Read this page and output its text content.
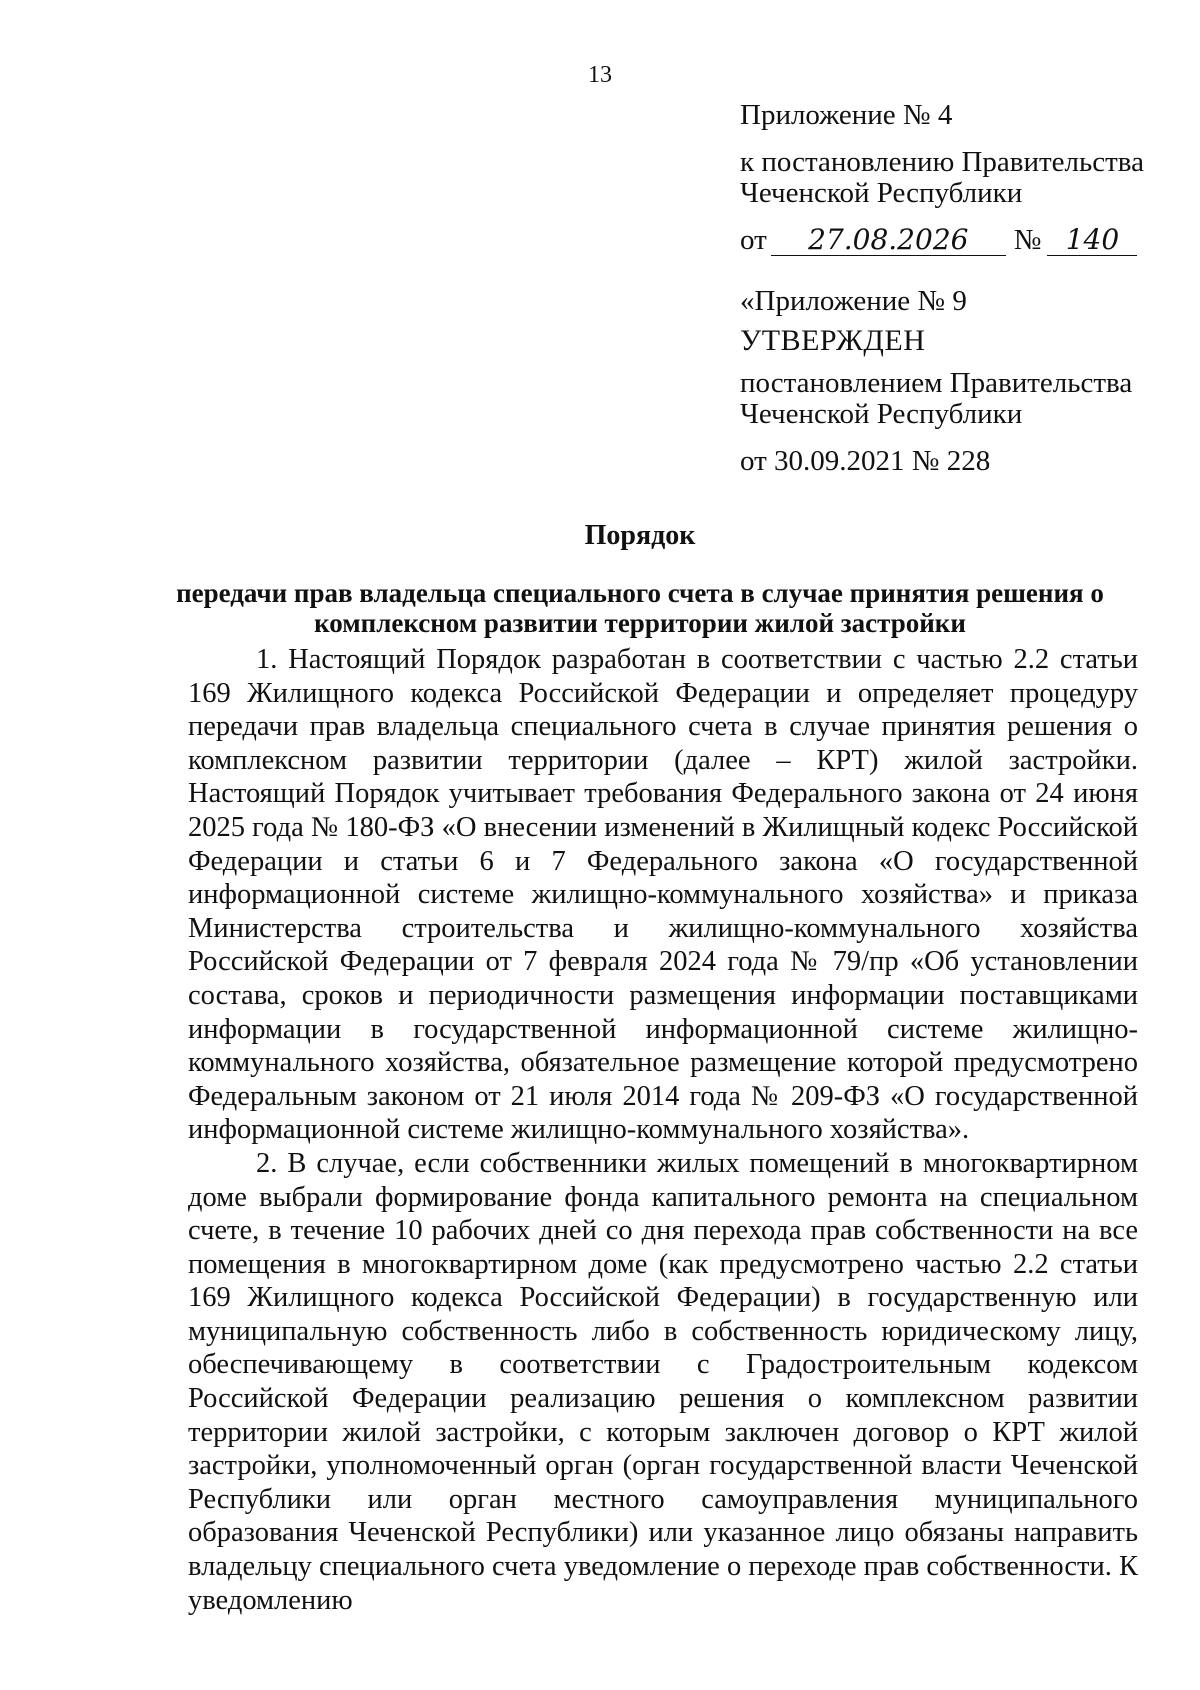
13
Приложение № 4
к постановлению Правительства
Чеченской Республики
от	27.08.2026	№ 140
«Приложение № 9
УТВЕРЖДЕН
постановлением Правительства
Чеченской Республики
от 30.09.2021 № 228
Порядок
передачи прав владельца специального счета в случае принятия решения о комплексном развитии территории жилой застройки

1. Настоящий Порядок разработан в соответствии с частью 2.2 статьи 169 Жилищного кодекса Российской Федерации и определяет процедуру передачи прав владельца специального счета в случае принятия решения о комплексном развитии территории (далее – КРТ) жилой застройки. Настоящий Порядок учитывает требования Федерального закона от 24 июня 2025 года № 180-ФЗ «О внесении изменений в Жилищный кодекс Российской Федерации и статьи 6 и 7 Федерального закона «О государственной информационной системе жилищно-коммунального хозяйства» и приказа Министерства строительства и жилищно-коммунального хозяйства Российской Федерации от 7 февраля 2024 года № 79/пр «Об установлении состава, сроков и периодичности размещения информации поставщиками информации в государственной информационной системе жилищно-коммунального хозяйства, обязательное размещение которой предусмотрено Федеральным законом от 21 июля 2014 года № 209-ФЗ «О государственной информационной системе жилищно-коммунального хозяйства».

2. В случае, если собственники жилых помещений в многоквартирном доме выбрали формирование фонда капитального ремонта на специальном счете, в течение 10 рабочих дней со дня перехода прав собственности на все помещения в многоквартирном доме (как предусмотрено частью 2.2 статьи 169 Жилищного кодекса Российской Федерации) в государственную или муниципальную собственность либо в собственность юридическому лицу, обеспечивающему в соответствии с Градостроительным кодексом Российской Федерации реализацию решения о комплексном развитии территории жилой застройки, с которым заключен договор о КРТ жилой застройки, уполномоченный орган (орган государственной власти Чеченской Республики или орган местного самоуправления муниципального образования Чеченской Республики) или указанное лицо обязаны направить владельцу специального счета уведомление о переходе прав собственности. К уведомлению
